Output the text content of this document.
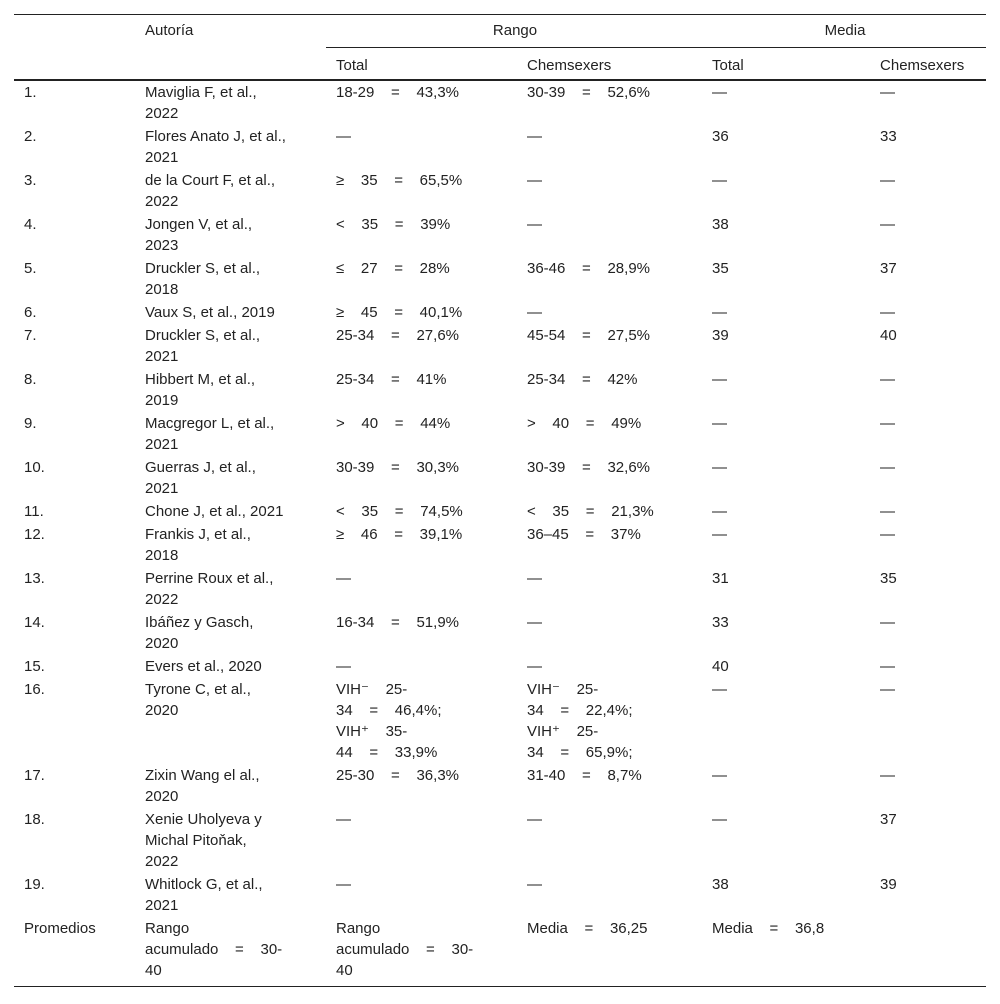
	Autoría	Rango		Media	
		Total	Chemsexers	Total	Chemsexers
1.	Maviglia F, et al.,
2022	18-29    =    43,3%	30-39    =    52,6%	—	—
2.	Flores Anato J, et al.,
2021	—	—	36	33
3.	de la Court F, et al.,
2022	≥    35    =    65,5%	—	—	—
4.	Jongen V, et al.,
2023	<    35    =    39%	—	38	—
5.	Druckler S, et al.,
2018	≤    27    =    28%	36-46    =    28,9%	35	37
6.	Vaux S, et al., 2019	≥    45    =    40,1%	—	—	—
7.	Druckler S, et al.,
2021	25-34    =    27,6%	45-54    =    27,5%	39	40
8.	Hibbert M, et al.,
2019	25-34    =    41%	25-34    =    42%	—	—
9.	Macgregor L, et al.,
2021	>    40    =    44%	>    40    =    49%	—	—
10.	Guerras J, et al.,
2021	30-39    =    30,3%	30-39    =    32,6%	—	—
11.	Chone J, et al., 2021	<    35    =    74,5%	<    35    =    21,3%	—	—
12.	Frankis J, et al.,
2018	≥    46    =    39,1%	36–45    =    37%	—	—
13.	Perrine Roux et al.,
2022	—	—	31	35
14.	Ibáñez y Gasch,
2020	16-34    =    51,9%	—	33	—
15.	Evers et al., 2020	—	—	40	—
16.	Tyrone C, et al.,
2020	VIH⁻    25-
34    =    46,4%;
VIH⁺    35-
44    =    33,9%	VIH⁻    25-
34    =    22,4%;
VIH⁺    25-
34    =    65,9%;	—	—
17.	Zixin Wang el al.,
2020	25-30    =    36,3%	31-40    =    8,7%	—	—
18.	Xenie Uholyeva y
Michal Pitoňak,
2022	—	—	—	37
19.	Whitlock G, et al.,
2021	—	—	38	39
Promedios	Rango
acumulado    =    30-
40	Rango
acumulado    =    30-
40	Media    =    36,25	Media    =    36,8	
